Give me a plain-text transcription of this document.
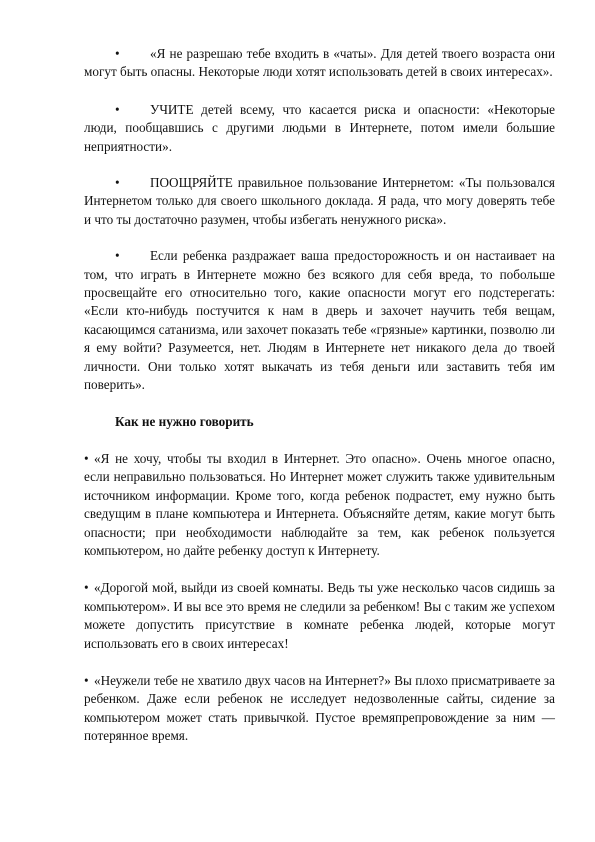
• «Я не разрешаю тебе входить в «чаты». Для детей твоего возраста они могут быть опасны. Некоторые люди хотят использовать детей в своих интересах».

• УЧИТЕ детей всему, что касается риска и опасности: «Некоторые люди, пообщавшись с другими людьми в Интернете, потом имели большие неприятности».

• ПООЩРЯЙТЕ правильное пользование Интернетом: «Ты пользовался Интернетом только для своего школьного доклада. Я рада, что могу доверять тебе и что ты достаточно разумен, чтобы избегать ненужного риска».

• Если ребенка раздражает ваша предосторожность и он настаивает на том, что играть в Интернете можно без всякого для себя вреда, то побольше просвещайте его относительно того, какие опасности могут его подстерегать: «Если кто-нибудь постучится к нам в дверь и захочет научить тебя вещам, касающимся сатанизма, или захочет показать тебе «грязные» картинки, позволю ли я ему войти? Разумеется, нет. Людям в Интернете нет никакого дела до твоей личности. Они только хотят выкачать из тебя деньги или заставить тебя им поверить».

Как не нужно говорить

• «Я не хочу, чтобы ты входил в Интернет. Это опасно». Очень многое опасно, если неправильно пользоваться. Но Интернет может служить также удивительным источником информации. Кроме того, когда ребенок подрастет, ему нужно быть сведущим в плане компьютера и Интернета. Объясняйте детям, какие могут быть опасности; при необходимости наблюдайте за тем, как ребенок пользуется компьютером, но дайте ребенку доступ к Интернету.

• «Дорогой мой, выйди из своей комнаты. Ведь ты уже несколько часов сидишь за компьютером». И вы все это время не следили за ребенком! Вы с таким же успехом можете допустить присутствие в комнате ребенка людей, которые могут использовать его в своих интересах!

• «Неужели тебе не хватило двух часов на Интернет?» Вы плохо присматриваете за ребенком. Даже если ребенок не исследует недозволенные сайты, сидение за компьютером может стать привычкой. Пустое времяпрепровождение за ним — потерянное время.
